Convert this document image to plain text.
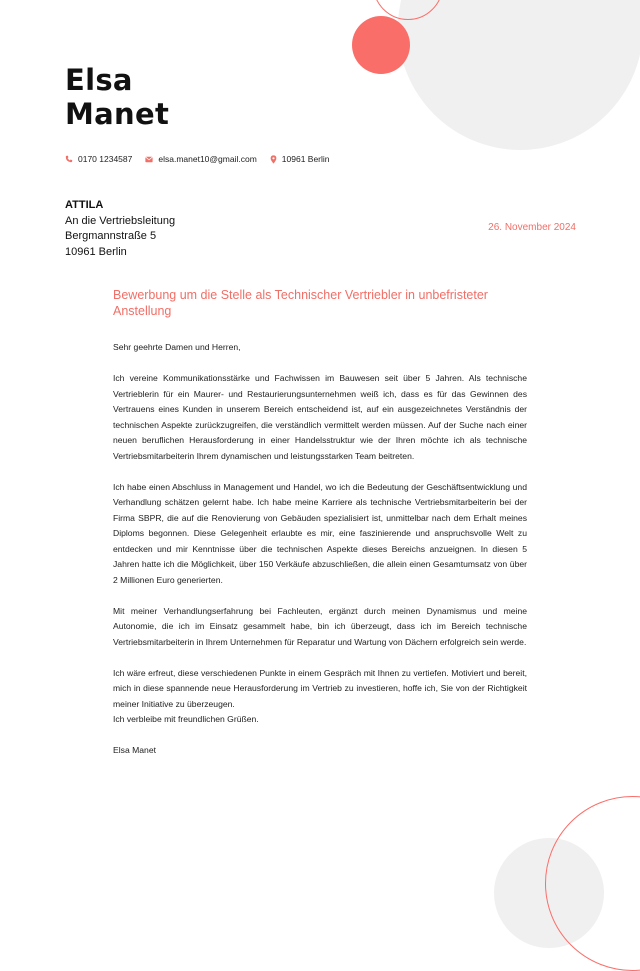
Elsa
Manet
0170 1234587	elsa.manet10@gmail.com	10961 Berlin
ATTILA
An die Vertriebsleitung
Bergmannstraße 5
10961 Berlin
26. November 2024
Bewerbung um die Stelle als Technischer Vertriebler in unbefristeter Anstellung

Sehr geehrte Damen und Herren,

Ich vereine Kommunikationsstärke und Fachwissen im Bauwesen seit über 5 Jahren. Als technische Vertrieblerin für ein Maurer- und Restaurierungsunternehmen weiß ich, dass es für das Gewinnen des Vertrauens eines Kunden in unserem Bereich entscheidend ist, auf ein ausgezeichnetes Verständnis der technischen Aspekte zurückzugreifen, die verständlich vermittelt werden müssen. Auf der Suche nach einer neuen beruflichen Herausforderung in einer Handelsstruktur wie der Ihren möchte ich als technische Vertriebsmitarbeiterin Ihrem dynamischen und leistungsstarken Team beitreten.

Ich habe einen Abschluss in Management und Handel, wo ich die Bedeutung der Geschäftsentwicklung und Verhandlung schätzen gelernt habe. Ich habe meine Karriere als technische Vertriebsmitarbeiterin bei der Firma SBPR, die auf die Renovierung von Gebäuden spezialisiert ist, unmittelbar nach dem Erhalt meines Diploms begonnen. Diese Gelegenheit erlaubte es mir, eine faszinierende und anspruchsvolle Welt zu entdecken und mir Kenntnisse über die technischen Aspekte dieses Bereichs anzueignen. In diesen 5 Jahren hatte ich die Möglichkeit, über 150 Verkäufe abzuschließen, die allein einen Gesamtumsatz von über 2 Millionen Euro generierten.

Mit meiner Verhandlungserfahrung bei Fachleuten, ergänzt durch meinen Dynamismus und meine Autonomie, die ich im Einsatz gesammelt habe, bin ich überzeugt, dass ich im Bereich technische Vertriebsmitarbeiterin in Ihrem Unternehmen für Reparatur und Wartung von Dächern erfolgreich sein werde.

Ich wäre erfreut, diese verschiedenen Punkte in einem Gespräch mit Ihnen zu vertiefen. Motiviert und bereit, mich in diese spannende neue Herausforderung im Vertrieb zu investieren, hoffe ich, Sie von der Richtigkeit meiner Initiative zu überzeugen.

Ich verbleibe mit freundlichen Grüßen.

Elsa Manet
